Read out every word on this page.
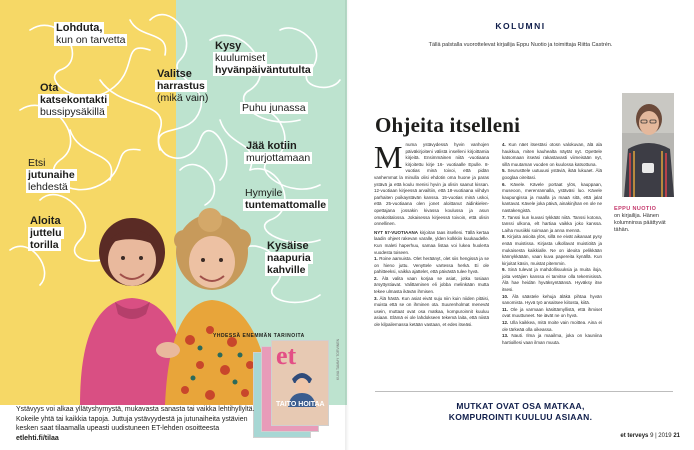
Lohduta,
kun on tarvetta	Kysy
kuulumiset
hyvänpäiväntutulta
Valitse
harrastus
(mikä vain)
Ota
katsekontakti
bussipysäkillä	Puhu junassa
Etsi
jutunaihe
lehdestä
Jää kotiin
murjottamaan
Hymyile
tuntemattomalle
Aloita
juttelu
torilla	Kysäise
naapuria
kahville
YHDESSÄ ENEMMÄN TARINOITA
et
TAITO HOITAA
Ystävyys voi alkaa yllätyshymystä, mukavasta sanasta tai vaikka lehtihyllyltä. Kokeile yhtä tai kaikkia tapoja. Juttuja ystävyydestä ja jutunaiheita ystävien kesken saat tilaamalla upeasti uudistuneen ET-lehden osoitteesta etlehti.fi/tilaa
KUVA TAMMY TORVINEN
KOLUMNI
Tällä palstalla vuorottelevat kirjailija Eppu Nuotio ja toimittaja Riitta Castrén.
Ohjeita itselleni
M numa ystävydessä hyvin vanhojen päiväkirjoiteni välistä inselleni kirjoittamia kirjeitä. Ensimmäinen niitä -vuotiaana kirjoitettu kirje 16- vuotiaalle Epulle. 8-vuotias minä toivoi, että pidän vanhemmat la minulla olisi ehdotin oma huone ja paras ystävä ja että koulu menisi hyvin ja olisin saanut kissan. 12-vuotiaan kirjeessä arvailtiin, että 18-vuotiaana viihdyn parhaiten poikaystävän kanssa. 15-vuotias minä uskoi, että 25-vuotiaana olen jonet aloittanut äidinkielen-opettajana jossakin kivassa koulussa ja asun omakotitalossa. Jokaisessa kirjeessä toivoin, että olisin onnellinen.

NYT 57-VUOTIAANA kirjoitan taas itselleni. Tällä kertaa laadin ohjeet rakevan varalle, ylden kolkkiin kuukaudelle. Kun maleti haperhuu, samaa listaa voi lukea huolerta vuodesta toiseen.

1. Roine aamuista. Olet heräänyt, olet siis hengissä ja se on hieno juttu. Venyttele vartessa herkä. Ei ole pahitteeksi, vaikka ajattelet, että päivästä tulee hyvä.
2. Älä valita vaan korjaa se asiat, jotka tosiaan ärsyttystiavat. Valittaminen eli jobba melinkään mutta tekee ulmasta ikävän ihmisen.
3. Älä hästä. Kun asiat eivät suju niin kuin niiden pitäisi, muista että se on ihminen ota. Suurenholmat menevät usein, muttaat ovat osa matkaa, kompuroinnit kuuluu asiaan. Elämä ei ole lahdokseen tekemä laita, että niistä ole kilpailemassa ketään vastaan, et edes itseäsi.
4. Kun näet itsestäsi otosn valokuvan, älä ala haukkua, miten kauhealta näytät nyt. Opettele katsomaan itseäsi rakastavasti viimeisään nyt, sillä muutaman vuoden on kuulossa katsottuna.
5. Seurusttele uutuuusi ystäviä, ikää lukuaet. Älä googlaa oireitasi.
6. Kävele. Kävele portaat ylös, kauppaan, museoon, merenrannalla, ystäväsi luo. Kävele kaupungissa ja maalla ja maaä sitä, että jalat kantavat. Kävele joka päivä, ainakinjhan en ole ne nastakengistä.
7. Tanssi kun kuvasi tykkäät niitä. Tanssi kotona, tanssi ulkona, elt hartiaa vaikka joko kanssa. Laiha musiikki soimaan ja anna mennä.
8. Kirjoita asioita ylös, sillä ne eivät aikanaat pysy enää muistissa. Kirjasta ulkollavat muistiöitä ja mukaisesta kaikkialle. Ne on ideoita pelikkään kännykkäään, vaan kuva papereita kynällä. Kun kirjoitat käsin, muistat pitemmin.
9. Sinä tulevat ja mahdollisuuksia ja muita iloja, joita vetäjien kanssa ei tarvitse olla tekemisissä. Älä hae heidän hyväksyntäänsä. Hyväksy itse itsesi.
10. Älä säästele kehuja äläkä pihtaa hyvän sanomista. Hyvä työ ansaitsee kiitosta, kiitä.
11. Ole ja varmaan käsittämyllistä, että ihmiset ovat muuttuneet. Ne iävät ne on hyvä.
12. Ulla kaikkea, mitä moite vain moittea. Aina ei ole tärkeää olla oikeassa.
13. Nauti. Ilma ja maailma, joka on kauniina hartioillesi vaan ilman muuta.
EPPU NUOTIO
on kirjailija. Hänen kolumninsa päättyvät tähän.
MUTKAT OVAT OSA MATKAA,
KOMPUROINTI KUULUU ASIAAN.
et terveys 9 | 2019 21
